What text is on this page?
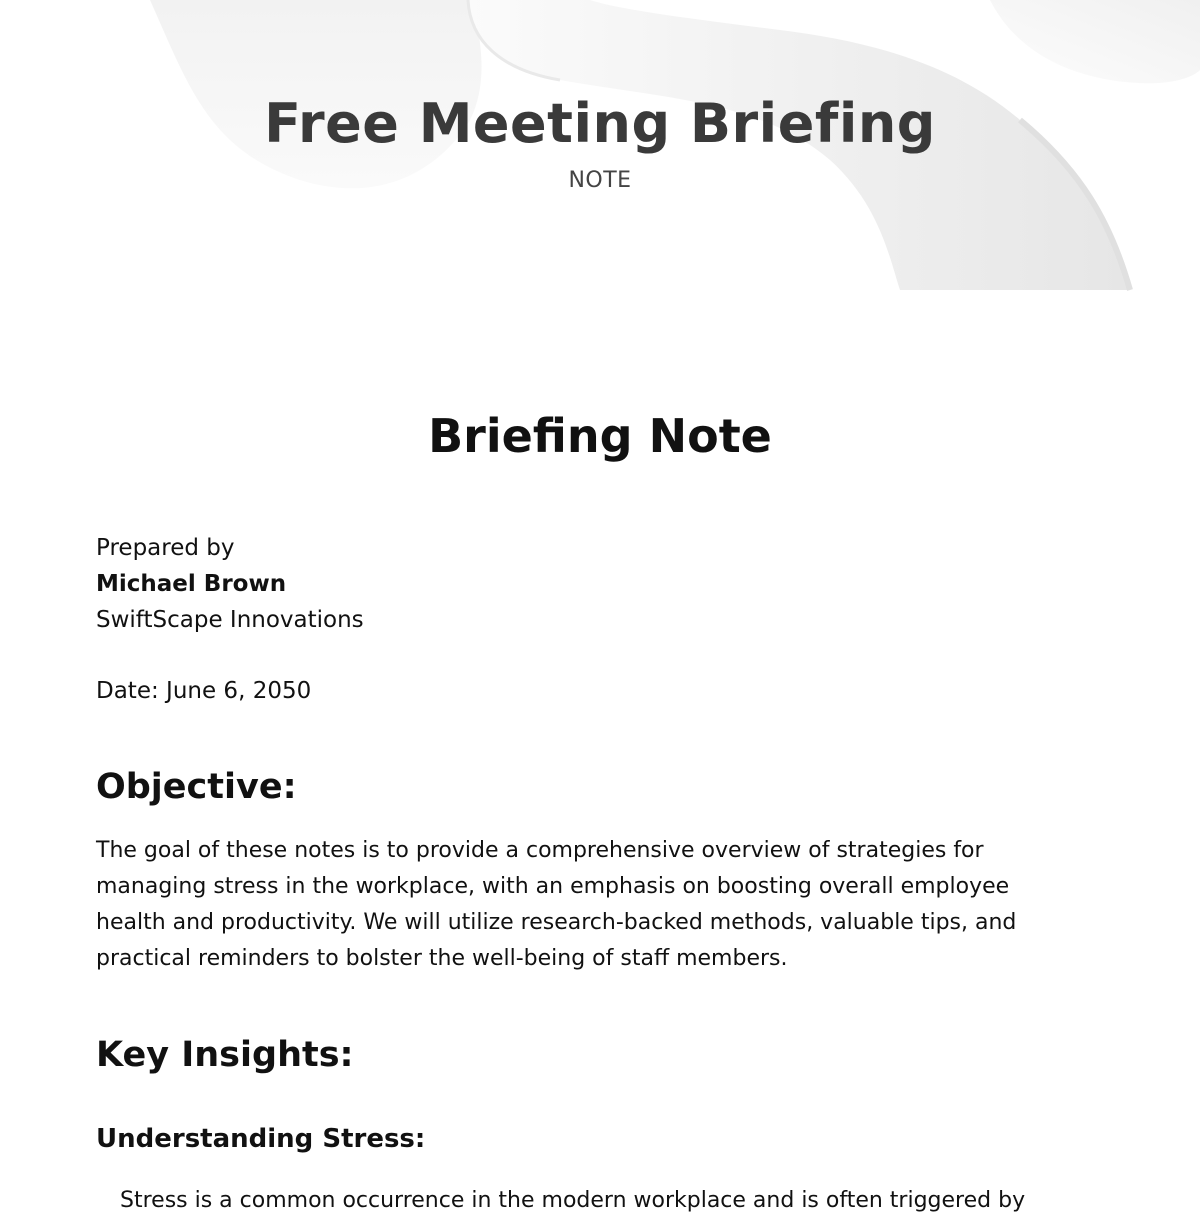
Free Meeting Briefing
NOTE
Briefing Note
Prepared by
Michael Brown
SwiftScape Innovations
Date: June 6, 2050
Objective:

The goal of these notes is to provide a comprehensive overview of strategies for managing stress in the workplace, with an emphasis on boosting overall employee health and productivity. We will utilize research-backed methods, valuable tips, and practical reminders to bolster the well-being of staff members.

Key Insights:
Understanding Stress:
Stress is a common occurrence in the modern workplace and is often triggered by
